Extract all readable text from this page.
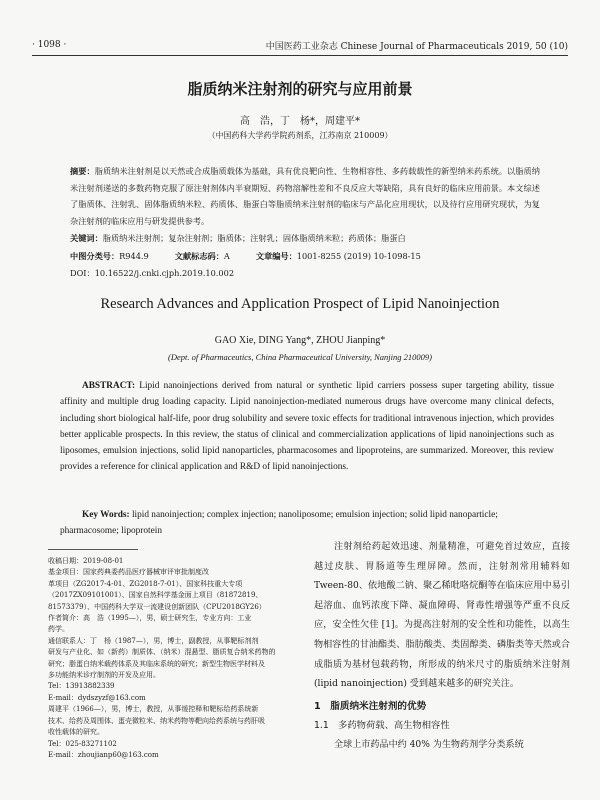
· 1098 ·	中国医药工业杂志 Chinese Journal of Pharmaceuticals 2019, 50 (10)
脂质纳米注射剂的研究与应用前景
高　浩，丁　杨*，周建平*
（中国药科大学药学院药剂系，江苏南京 210009）
摘要：脂质纳米注射剂是以天然或合成脂质载体为基础，具有优良靶向性、生物相容性、多药载载性的新型纳米药系统。以脂质纳米注射剂递送的多数药物克服了原注射剂体内半衰期短、药物溶解性差和不良反应大等缺陷，具有良好的临床应用前景。本文综述了脂质体、注射乳、固体脂质纳米粒、药质体、脂蛋白等脂质纳米注射剂的临床与产品化应用现状，以及待行应用研究现状，为复杂注射剂的临床应用与研发提供参考。
关键词：脂质纳米注射剂；复杂注射剂；脂质体；注射乳；固体脂质纳米粒；药质体；脂蛋白
中图分类号：R944.9	文献标志码：A	文章编号：1001-8255 (2019) 10-1098-15
DOI：10.16522/j.cnki.cjph.2019.10.002
Research Advances and Application Prospect of Lipid Nanoinjection
GAO Xie, DING Yang*, ZHOU Jianping*
(Dept. of Pharmaceutics, China Pharmaceutical University, Nanjing 210009)
ABSTRACT: Lipid nanoinjections derived from natural or synthetic lipid carriers possess super targeting ability, tissue affinity and multiple drug loading capacity. Lipid nanoinjection-mediated numerous drugs have overcome many clinical defects, including short biological half-life, poor drug solubility and severe toxic effects for traditional intravenous injection, which provides better applicable prospects. In this review, the status of clinical and commercialization applications of lipid nanoinjections such as liposomes, emulsion injections, solid lipid nanoparticles, pharmacosomes and lipoproteins, are summarized. Moreover, this review provides a reference for clinical application and R&D of lipid nanoinjections.
Key Words: lipid nanoinjection; complex injection; nanoliposome; emulsion injection; solid lipid nanoparticle; pharmacosome; lipoprotein
收稿日期：2019-08-01
基金项目：国家药典委药品医疗器械审评审批制度改
革项目（ZG2017-4-01、ZG2018-7-01）、国家科技重大专项
（2017ZX09101001）、国家自然科学基金面上项目（81872819、
81573379）、中国药科大学双一流建设创新团队（CPU2018GY26）
作者简介：高　浩（1995—），男，硕士研究生，专业方向：工业
药学。
通信联系人：丁　杨（1987—），男，博士，副教授，从事靶标剂剂
研发与产业化、如（新药）制质体、（纳米）混悬型、脂质复合纳米药物的
研究；脂蛋白纳米载药体系及其临床系统的研究；新型生物医学材料及
多功能纳米诊疗制剂的开发及应用。
Tel：13913882339
E-mail：dydszyzf@163.com
周建平（1966—），男，博士，教授，从事缓控释和靶标给药系统新
技术、给药及周围体、蛋壳微粒米、纳米药物等靶向给药系统与药肝吸
收性载体的研究。
Tel：025-83271102
E-mail：zhoujianp60@163.com

注射剂给药起效迅速、剂量精准，可避免首过效应，直接越过皮肤、胃肠道等生理屏障。然而，注射剂常用辅料如 Tween-80、依地酸二钠、聚乙稀吡咯烷酮等在临床应用中易引起溶血、血钙浓度下降、凝血障碍、肾毒性增强等严重不良反应，安全性欠佳 [1]。为提高注射剂的安全性和功能性，以高生物相容性的甘油酯类、脂肪酸类、类固醇类、磷脂类等天然或合成脂质为基材包载药物，所形成的纳米尺寸的脂质纳米注射剂 (lipid nanoinjection) 受到越来越多的研究关注。

1　脂质纳米注射剂的优势
1.1　多药物荷载、高生物相容性

全球上市药品中约 40% 为生物药剂学分类系统
